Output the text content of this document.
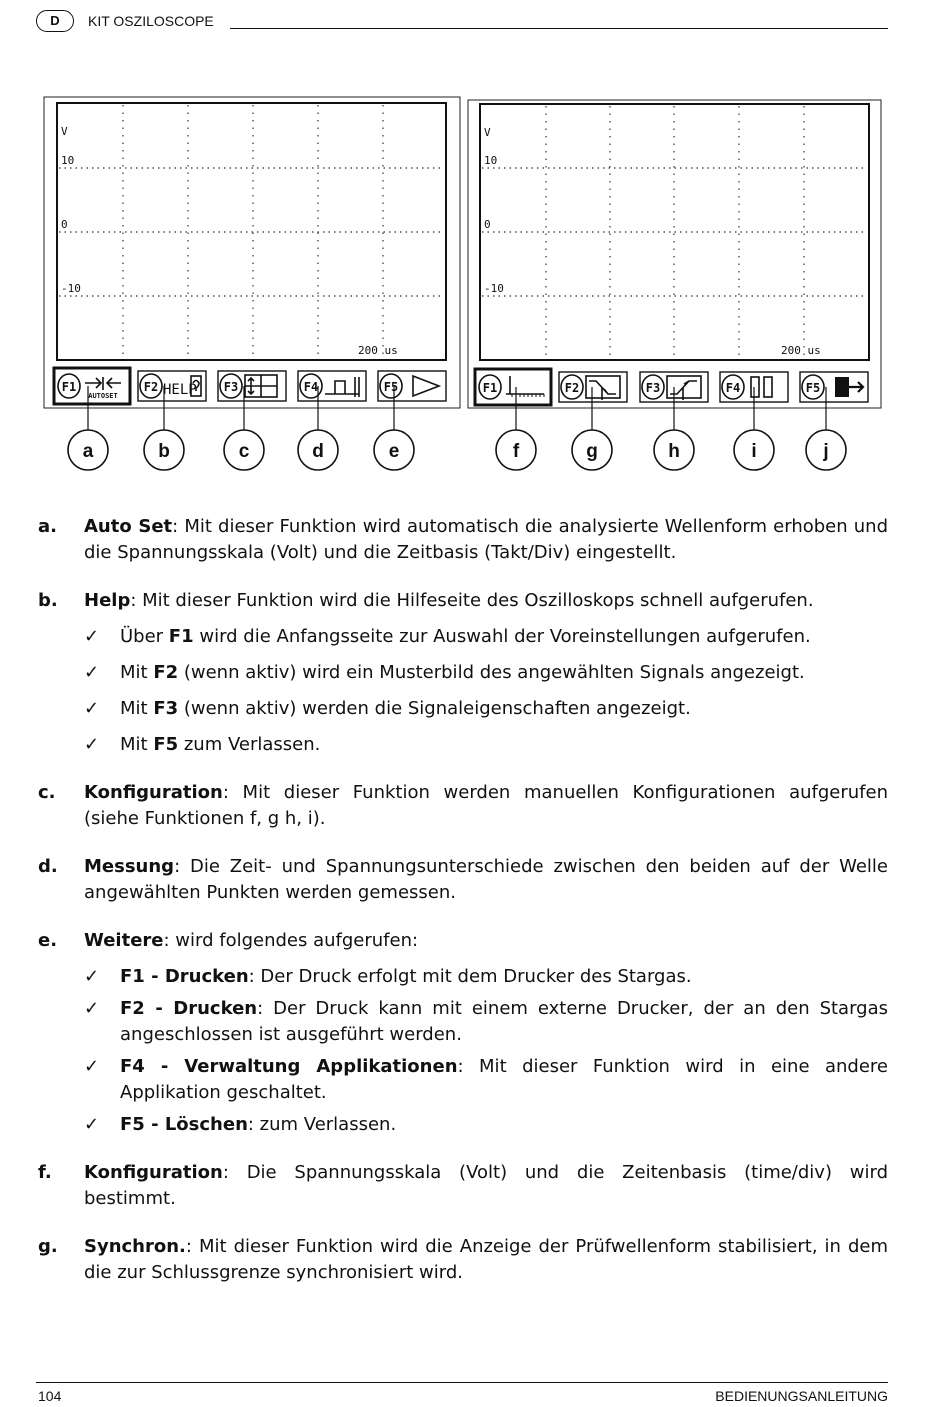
D	KIT OSZILOSCOPE
V
10
0
-10
200 us
F1
AUTOSET
a
F2 HELP
b
F3
c
F4
d
F5
e
V
10
0
-10
200 us
F1
f
F2
g
F3
h
F4
i
F5
j
a. Auto Set: Mit dieser Funktion wird automatisch die analysierte Wellenform erhoben und die Spannungsskala (Volt) und die Zeitbasis (Takt/Div) eingestellt.
b. Help: Mit dieser Funktion wird die Hilfeseite des Oszilloskops schnell aufgerufen.
✓ Über F1 wird die Anfangsseite zur Auswahl der Voreinstellungen aufgerufen.
✓ Mit F2 (wenn aktiv) wird ein Musterbild des angewählten Signals angezeigt.
✓ Mit F3 (wenn aktiv) werden die Signaleigenschaften angezeigt.
✓ Mit F5 zum Verlassen.
c. Konfiguration: Mit dieser Funktion werden manuellen Konfigurationen aufgerufen (siehe Funktionen f, g h, i).
d. Messung: Die Zeit- und Spannungsunterschiede zwischen den beiden auf der Welle angewählten Punkten werden gemessen.
e. Weitere: wird folgendes aufgerufen:
✓ F1 - Drucken: Der Druck erfolgt mit dem Drucker des Stargas.
✓ F2 - Drucken: Der Druck kann mit einem externe Drucker, der an den Stargas angeschlossen ist ausgeführt werden.
✓ F4 - Verwaltung Applikationen: Mit dieser Funktion wird in eine andere Applikation geschaltet.
✓ F5 - Löschen: zum Verlassen.
f. Konfiguration: Die Spannungsskala (Volt) und die Zeitenbasis (time/div) wird bestimmt.
g. Synchron.: Mit dieser Funktion wird die Anzeige der Prüfwellenform stabilisiert, in dem die zur Schlussgrenze synchronisiert wird.
104	BEDIENUNGSANLEITUNG
